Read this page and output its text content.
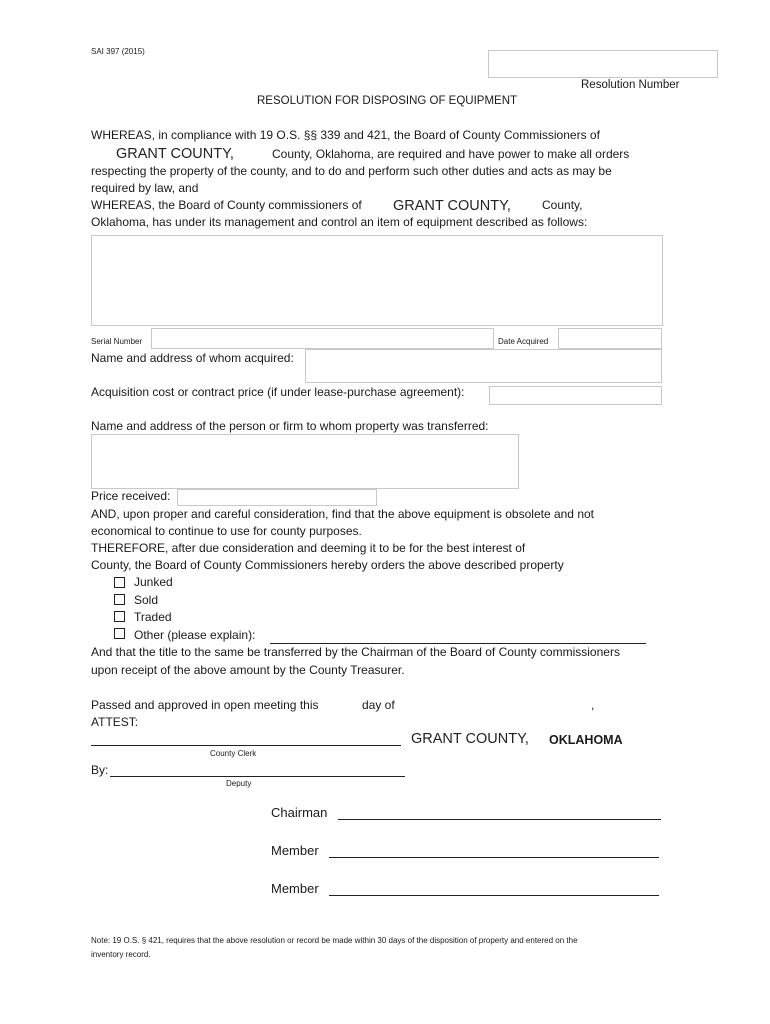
SAI 397 (2015)
Resolution Number
RESOLUTION FOR DISPOSING OF EQUIPMENT
WHEREAS, in compliance with 19 O.S. §§ 339 and 421, the Board of County Commissioners of
GRANT COUNTY,	County, Oklahoma, are required and have power to make all orders
respecting the property of the county, and to do and perform such other duties and acts as may be
required by law, and
WHEREAS, the Board of County commissioners of GRANT COUNTY,	County,
Oklahoma, has under its management and control an item of equipment described as follows:
Serial Number	Date Acquired
Name and address of whom acquired:
Acquisition cost or contract price (if under lease-purchase agreement):
Name and address of the person or firm to whom property was transferred:
Price received:
AND, upon proper and careful consideration, find that the above equipment is obsolete and not
economical to continue to use for county purposes.
THEREFORE, after due consideration and deeming it to be for the best interest of
County, the Board of County Commissioners hereby orders the above described property
Junked
Sold
Traded
Other (please explain):
And that the title to the same be transferred by the Chairman of the Board of County commissioners
upon receipt of the above amount by the County Treasurer.
Passed and approved in open meeting this	day of	,
ATTEST:
GRANT COUNTY, OKLAHOMA
County Clerk
By:
Deputy
Chairman
Member
Member
Note: 19 O.S. § 421, requires that the above resolution or record be made within 30 days of the disposition of property and entered on the
inventory record.
